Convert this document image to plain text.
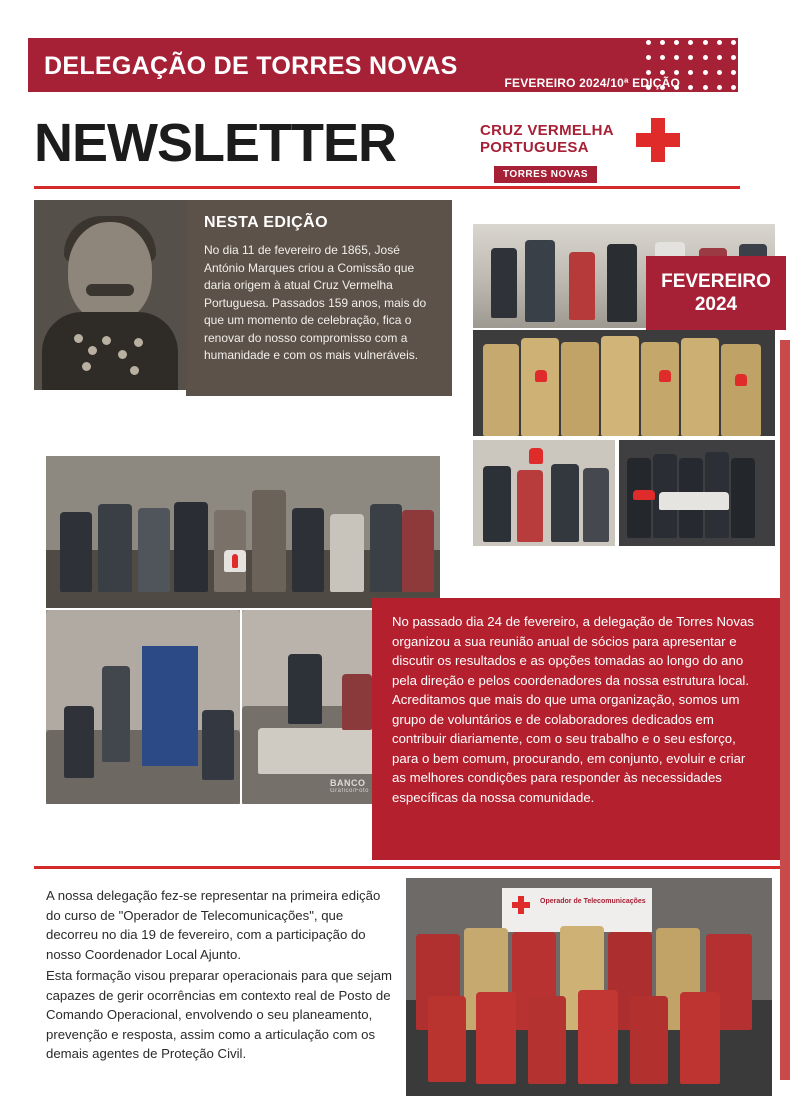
DELEGAÇÃO DE TORRES NOVAS
FEVEREIRO 2024/10ª EDIÇÃO
NEWSLETTER	CRUZ VERMELHA
PORTUGUESA
TORRES NOVAS
NESTA EDIÇÃO
No dia 11 de fevereiro de 1865, José António Marques criou a Comissão que daria origem à atual Cruz Vermelha Portuguesa. Passados 159 anos, mais do que um momento de celebração, fica o renovar do nosso compromisso com a humanidade e com os mais vulneráveis.
BANCO
Gráfico/Foto
FEVEREIRO
2024
BANCO
Gráfico/Foto

No passado dia 24 de fevereiro, a delegação de Torres Novas organizou a sua reunião anual de sócios para apresentar e discutir os resultados e as opções tomadas ao longo do ano pela direção e pelos coordenadores da nossa estrutura local. Acreditamos que mais do que uma organização, somos um grupo de voluntários e de colaboradores dedicados em contribuir diariamente, com o seu trabalho e o seu esforço, para o bem comum, procurando, em conjunto, evoluir e criar as melhores condições para responder às necessidades específicas da nossa comunidade.

A nossa delegação fez-se representar na primeira edição do curso de "Operador de Telecomunicações", que decorreu no dia 19 de fevereiro, com a participação do nosso Coordenador Local Ajunto.

Esta formação visou preparar operacionais para que sejam capazes de gerir ocorrências em contexto real de Posto de Comando Operacional, envolvendo o seu planeamento, prevenção e resposta, assim como a articulação com os demais agentes de Proteção Civil.

Operador de Telecomunicações
